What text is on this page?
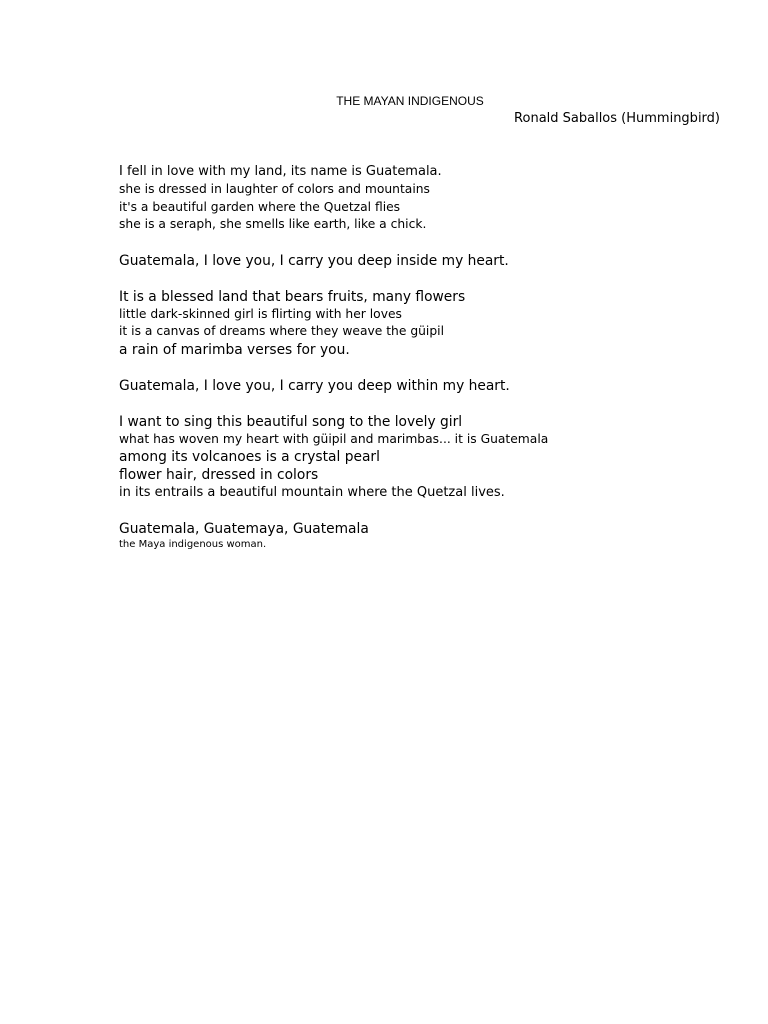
THE MAYAN INDIGENOUS

Ronald Saballos (Hummingbird)

I fell in love with my land, its name is Guatemala.
she is dressed in laughter of colors and mountains
it's a beautiful garden where the Quetzal flies
she is a seraph, she smells like earth, like a chick.
Guatemala, I love you, I carry you deep inside my heart.
It is a blessed land that bears fruits, many flowers
little dark-skinned girl is flirting with her loves
it is a canvas of dreams where they weave the güipil
a rain of marimba verses for you.
Guatemala, I love you, I carry you deep within my heart.
I want to sing this beautiful song to the lovely girl
what has woven my heart with güipil and marimbas... it is Guatemala
among its volcanoes is a crystal pearl
flower hair, dressed in colors
in its entrails a beautiful mountain where the Quetzal lives.
Guatemala, Guatemaya, Guatemala
the Maya indigenous woman.
